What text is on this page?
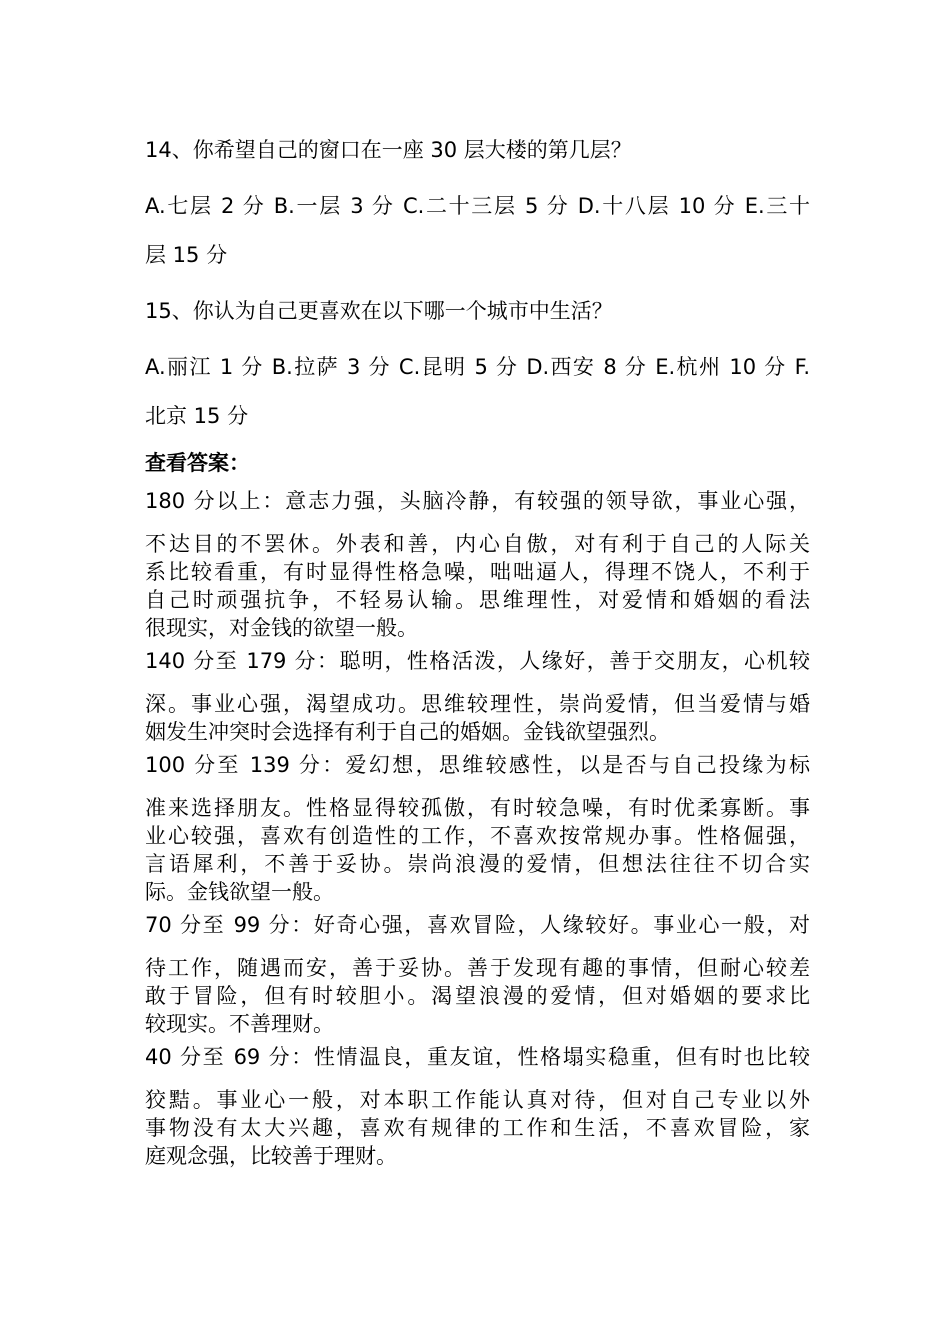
14、你希望自己的窗口在一座 30 层大楼的第几层？
A.七层 2 分 B.一层 3 分 C.二十三层 5 分 D.十八层 10 分 E.三十
层 15 分
15、你认为自己更喜欢在以下哪一个城市中生活？
A.丽江 1 分 B.拉萨 3 分 C.昆明 5 分 D.西安 8 分 E.杭州 10 分 F.
北京 15 分
查看答案：
180 分以上：意志力强，头脑冷静，有较强的领导欲，事业心强，
不达目的不罢休。外表和善，内心自傲，对有利于自己的人际关
系比较看重，有时显得性格急噪，咄咄逼人，得理不饶人，不利于
自己时顽强抗争，不轻易认输。思维理性，对爱情和婚姻的看法
很现实，对金钱的欲望一般。
140 分至 179 分：聪明，性格活泼，人缘好，善于交朋友，心机较
深。事业心强，渴望成功。思维较理性，崇尚爱情，但当爱情与婚
姻发生冲突时会选择有利于自己的婚姻。金钱欲望强烈。
100 分至 139 分：爱幻想，思维较感性，以是否与自己投缘为标
准来选择朋友。性格显得较孤傲，有时较急噪，有时优柔寡断。事
业心较强，喜欢有创造性的工作，不喜欢按常规办事。性格倔强，
言语犀利，不善于妥协。崇尚浪漫的爱情，但想法往往不切合实
际。金钱欲望一般。
70 分至 99 分：好奇心强，喜欢冒险，人缘较好。事业心一般，对
待工作，随遇而安，善于妥协。善于发现有趣的事情，但耐心较差
敢于冒险，但有时较胆小。渴望浪漫的爱情，但对婚姻的要求比
较现实。不善理财。
40 分至 69 分：性情温良，重友谊，性格塌实稳重，但有时也比较
狡黠。事业心一般，对本职工作能认真对待，但对自己专业以外
事物没有太大兴趣，喜欢有规律的工作和生活，不喜欢冒险，家
庭观念强，比较善于理财。
